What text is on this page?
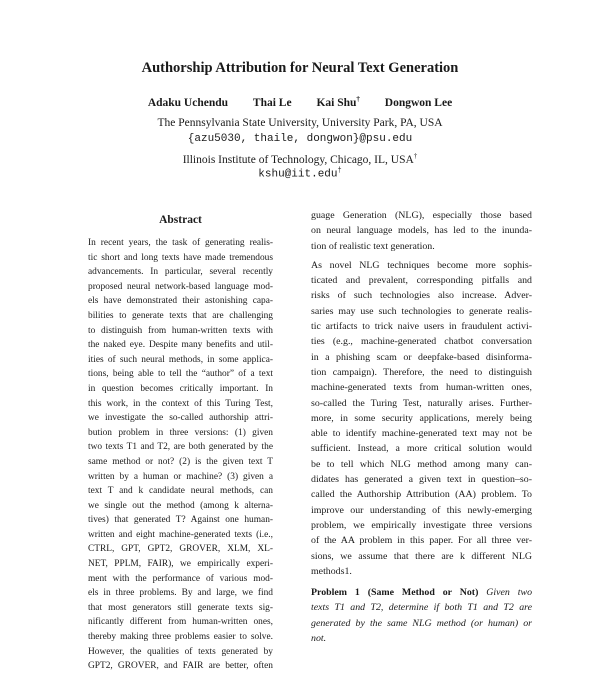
Authorship Attribution for Neural Text Generation
Adaku Uchendu Thai Le Kai Shu† Dongwon Lee
The Pennsylvania State University, University Park, PA, USA
{azu5030, thaile, dongwon}@psu.edu
Illinois Institute of Technology, Chicago, IL, USA†
kshu@iit.edu†
Abstract
In recent years, the task of generating realis-
tic short and long texts have made tremendous
advancements. In particular, several recently
proposed neural network-based language mod-
els have demonstrated their astonishing capa-
bilities to generate texts that are challenging
to distinguish from human-written texts with
the naked eye. Despite many benefits and util-
ities of such neural methods, in some applica-
tions, being able to tell the “author” of a text
in question becomes critically important. In
this work, in the context of this Turing Test,
we investigate the so-called authorship attri-
bution problem in three versions: (1) given
two texts T1 and T2, are both generated by the
same method or not? (2) is the given text T
written by a human or machine? (3) given a
text T and k candidate neural methods, can
we single out the method (among k alterna-
tives) that generated T? Against one human-
written and eight machine-generated texts (i.e.,
CTRL, GPT, GPT2, GROVER, XLM, XL-
NET, PPLM, FAIR), we empirically experi-
ment with the performance of various mod-
els in three problems. By and large, we find
that most generators still generate texts sig-
nificantly different from human-written ones,
thereby making three problems easier to solve.
However, the qualities of texts generated by
GPT2, GROVER, and FAIR are better, often
guage Generation (NLG), especially those based
on neural language models, has led to the inunda-
tion of realistic text generation.
As novel NLG techniques become more sophis-
ticated and prevalent, corresponding pitfalls and
risks of such technologies also increase. Adver-
saries may use such technologies to generate realis-
tic artifacts to trick naive users in fraudulent activi-
ties (e.g., machine-generated chatbot conversation
in a phishing scam or deepfake-based disinforma-
tion campaign). Therefore, the need to distinguish
machine-generated texts from human-written ones,
so-called the Turing Test, naturally arises. Further-
more, in some security applications, merely being
able to identify machine-generated text may not be
sufficient. Instead, a more critical solution would
be to tell which NLG method among many can-
didates has generated a given text in question–so-
called the Authorship Attribution (AA) problem. To
improve our understanding of this newly-emerging
problem, we empirically investigate three versions
of the AA problem in this paper. For all three ver-
sions, we assume that there are k different NLG
methods1.
Problem 1 (Same Method or Not) Given two
texts T1 and T2, determine if both T1 and T2 are
generated by the same NLG method (or human) or
not.
